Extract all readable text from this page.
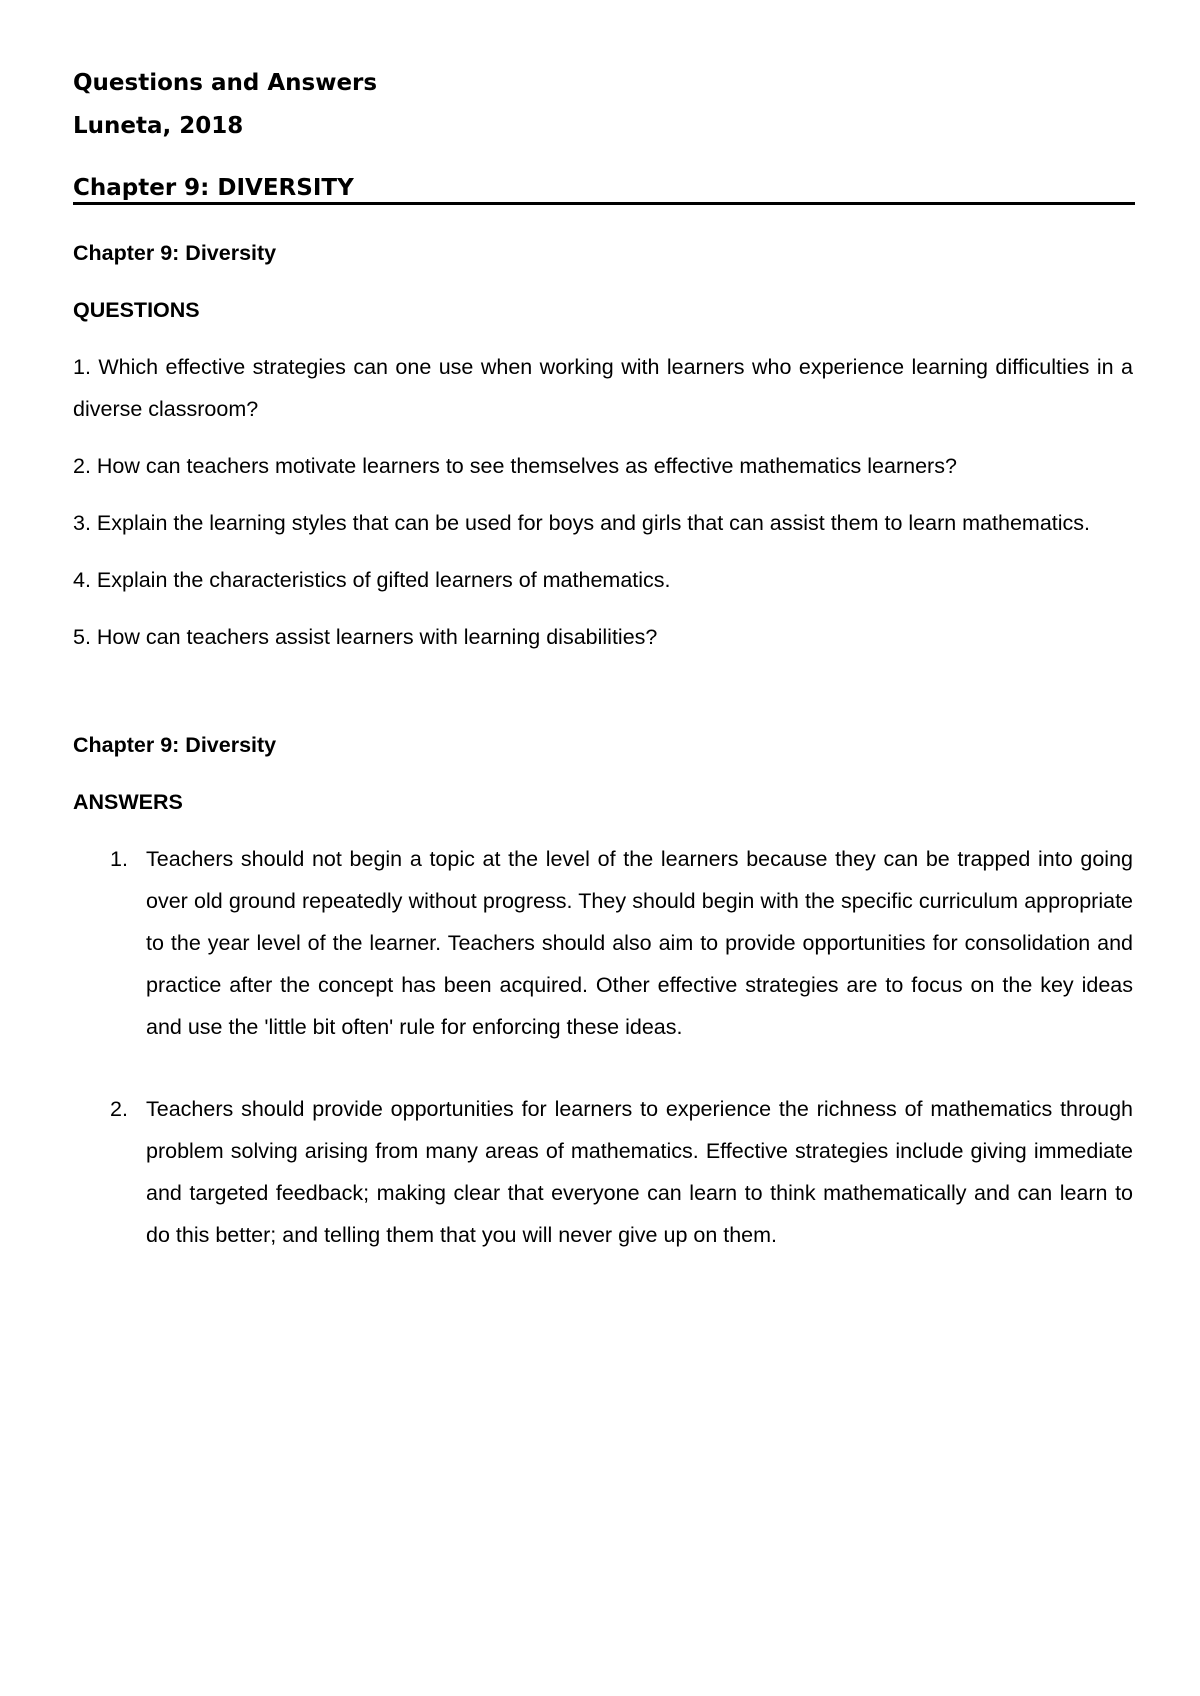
Questions and Answers
Luneta, 2018
Chapter 9: DIVERSITY

Chapter 9: Diversity

QUESTIONS

1. Which effective strategies can one use when working with learners who experience learning difficulties in a diverse classroom?

2. How can teachers motivate learners to see themselves as effective mathematics learners?

3. Explain the learning styles that can be used for boys and girls that can assist them to learn mathematics.

4. Explain the characteristics of gifted learners of mathematics.

5. How can teachers assist learners with learning disabilities?

Chapter 9: Diversity

ANSWERS

1. Teachers should not begin a topic at the level of the learners because they can be trapped into going over old ground repeatedly without progress. They should begin with the specific curriculum appropriate to the year level of the learner. Teachers should also aim to provide opportunities for consolidation and practice after the concept has been acquired. Other effective strategies are to focus on the key ideas and use the 'little bit often' rule for enforcing these ideas.
2. Teachers should provide opportunities for learners to experience the richness of mathematics through problem solving arising from many areas of mathematics. Effective strategies include giving immediate and targeted feedback; making clear that everyone can learn to think mathematically and can learn to do this better; and telling them that you will never give up on them.
